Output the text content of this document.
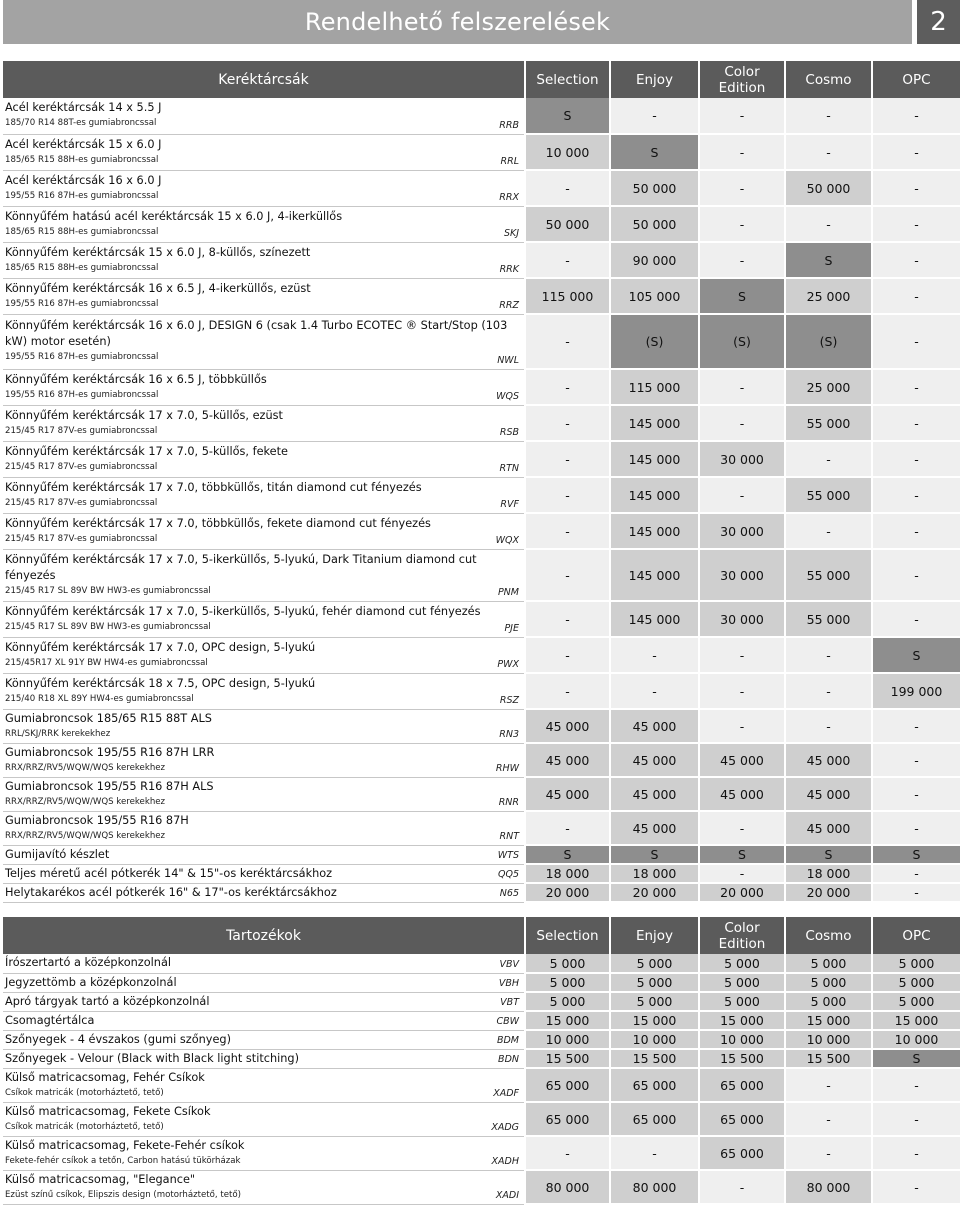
Rendelhető felszerelések	2
Keréktárcsák	Selection	Enjoy	Color Edition	Cosmo	OPC

Acél keréktárcsák 14 x 5.5 J
185/70 R14 88T-es gumiabroncssal RRB	S	-	-	-	-

Acél keréktárcsák 15 x 6.0 J
185/65 R15 88H-es gumiabroncssal RRL	10 000	S	-	-	-

Acél keréktárcsák 16 x 6.0 J
195/55 R16 87H-es gumiabroncssal RRX	-	50 000	-	50 000	-

Könnyűfém hatású acél keréktárcsák 15 x 6.0 J, 4-ikerküllős
185/65 R15 88H-es gumiabroncssal SKJ	50 000	50 000	-	-	-

Könnyűfém keréktárcsák 15 x 6.0 J, 8-küllős, színezett
185/65 R15 88H-es gumiabroncssal RRK	-	90 000	-	S	-

Könnyűfém keréktárcsák 16 x 6.5 J, 4-ikerküllős, ezüst
195/55 R16 87H-es gumiabroncssal RRZ	115 000	105 000	S	25 000	-

Könnyűfém keréktárcsák 16 x 6.0 J, DESIGN 6 (csak 1.4 Turbo ECOTEC ® Start/Stop (103 kW) motor esetén)
195/55 R16 87H-es gumiabroncssal NWL	-	(S)	(S)	(S)	-

Könnyűfém keréktárcsák 16 x 6.5 J, többküllős
195/55 R16 87H-es gumiabroncssal WQS	-	115 000	-	25 000	-

Könnyűfém keréktárcsák 17 x 7.0, 5-küllős, ezüst
215/45 R17 87V-es gumiabroncssal RSB	-	145 000	-	55 000	-

Könnyűfém keréktárcsák 17 x 7.0, 5-küllős, fekete
215/45 R17 87V-es gumiabroncssal RTN	-	145 000	30 000	-	-

Könnyűfém keréktárcsák 17 x 7.0, többküllős, titán diamond cut fényezés
215/45 R17 87V-es gumiabroncssal RVF	-	145 000	-	55 000	-

Könnyűfém keréktárcsák 17 x 7.0, többküllős, fekete diamond cut fényezés
215/45 R17 87V-es gumiabroncssal WQX	-	145 000	30 000	-	-

Könnyűfém keréktárcsák 17 x 7.0, 5-ikerküllős, 5-lyukú, Dark Titanium diamond cut fényezés
215/45 R17 SL 89V BW HW3-es gumiabroncssal PNM	-	145 000	30 000	55 000	-

Könnyűfém keréktárcsák 17 x 7.0, 5-ikerküllős, 5-lyukú, fehér diamond cut fényezés
215/45 R17 SL 89V BW HW3-es gumiabroncssal PJE	-	145 000	30 000	55 000	-

Könnyűfém keréktárcsák 17 x 7.0, OPC design, 5-lyukú
215/45R17 XL 91Y BW HW4-es gumiabroncssal PWX	-	-	-	-	S

Könnyűfém keréktárcsák 18 x 7.5, OPC design, 5-lyukú
215/40 R18 XL 89Y HW4-es gumiabroncssal RSZ	-	-	-	-	199 000

Gumiabroncsok 185/65 R15 88T ALS
RRL/SKJ/RRK kerekekhez RN3	45 000	45 000	-	-	-

Gumiabroncsok 195/55 R16 87H LRR
RRX/RRZ/RV5/WQW/WQS kerekekhez RHW	45 000	45 000	45 000	45 000	-

Gumiabroncsok 195/55 R16 87H ALS
RRX/RRZ/RV5/WQW/WQS kerekekhez RNR	45 000	45 000	45 000	45 000	-

Gumiabroncsok 195/55 R16 87H
RRX/RRZ/RV5/WQW/WQS kerekekhez RNT	-	45 000	-	45 000	-

Gumijavító készlet WTS	S	S	S	S	S

Teljes méretű acél pótkerék 14" & 15"-os keréktárcsákhoz QQ5	18 000	18 000	-	18 000	-

Helytakarékos acél pótkerék 16" & 17"-os keréktárcsákhoz N65	20 000	20 000	20 000	20 000	-
Tartozékok	Selection	Enjoy	Color Edition	Cosmo	OPC

Írószertartó a középkonzolnál VBV	5 000	5 000	5 000	5 000	5 000

Jegyzettömb a középkonzolnál VBH	5 000	5 000	5 000	5 000	5 000

Apró tárgyak tartó a középkonzolnál VBT	5 000	5 000	5 000	5 000	5 000

Csomagtértálca CBW	15 000	15 000	15 000	15 000	15 000

Szőnyegek - 4 évszakos (gumi szőnyeg) BDM	10 000	10 000	10 000	10 000	10 000

Szőnyegek - Velour (Black with Black light stitching) BDN	15 500	15 500	15 500	15 500	S

Külső matricacsomag, Fehér Csíkok
Csíkok matricák (motorháztető, tető) XADF	65 000	65 000	65 000	-	-

Külső matricacsomag, Fekete Csíkok
Csíkok matricák (motorháztető, tető) XADG	65 000	65 000	65 000	-	-

Külső matricacsomag, Fekete-Fehér csíkok
Fekete-fehér csíkok a tetőn, Carbon hatású tükörházak XADH	-	-	65 000	-	-

Külső matricacsomag, "Elegance"
Ezüst színű csíkok, Elipszis design (motorháztető, tető) XADI	80 000	80 000	-	80 000	-
